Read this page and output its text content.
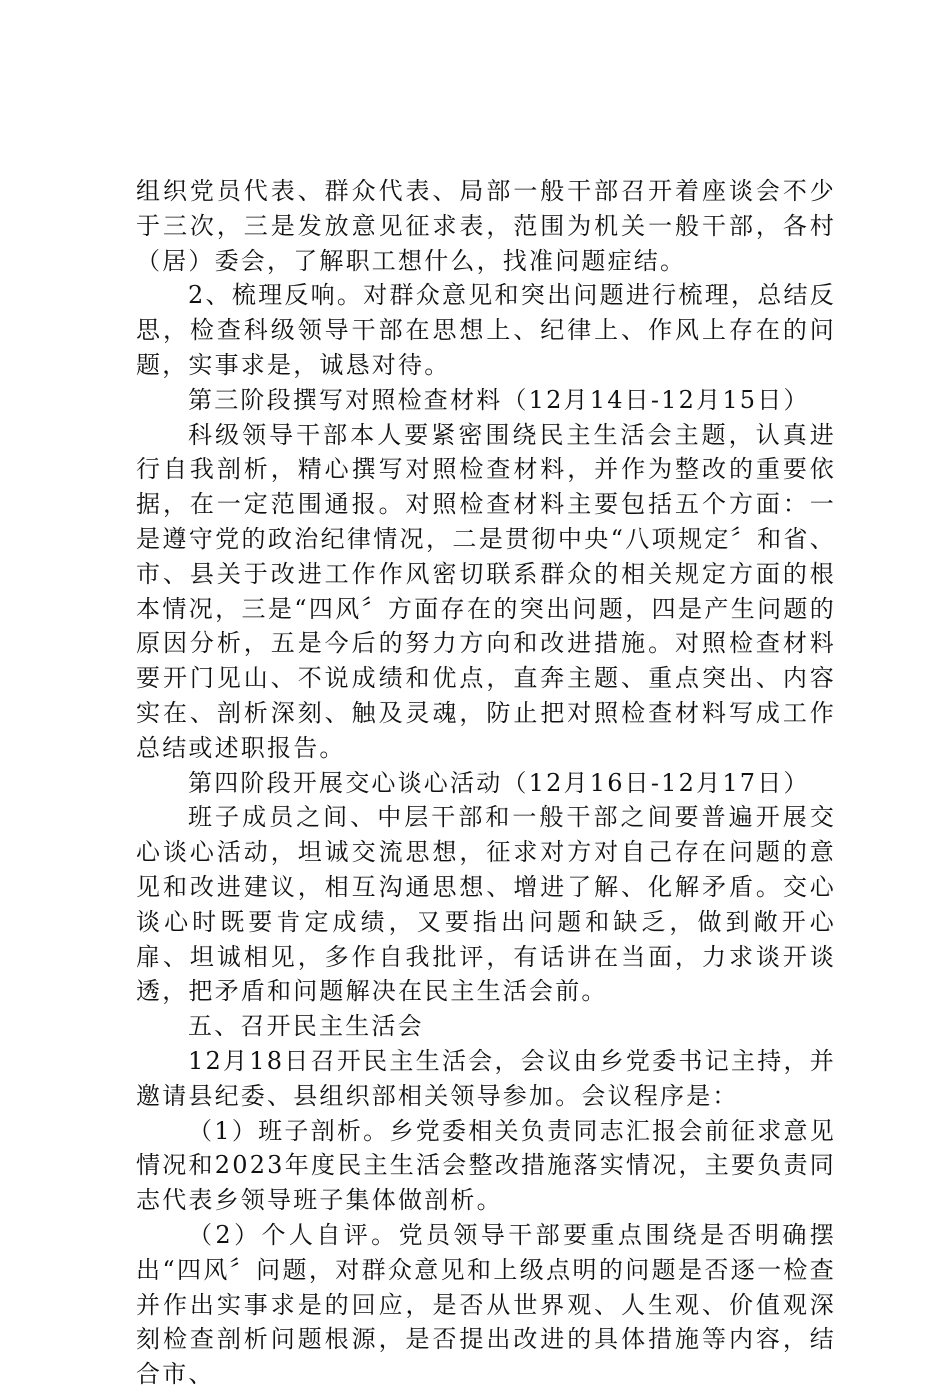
组织党员代表、群众代表、局部一般干部召开着座谈会不少于三次，三是发放意见征求表，范围为机关一般干部，各村（居）委会，了解职工想什么，找准问题症结。

2、梳理反响。对群众意见和突出问题进行梳理，总结反思，检查科级领导干部在思想上、纪律上、作风上存在的问题，实事求是，诚恳对待。

第三阶段撰写对照检查材料（12月14日-12月15日）

科级领导干部本人要紧密围绕民主生活会主题，认真进行自我剖析，精心撰写对照检查材料，并作为整改的重要依据，在一定范围通报。对照检查材料主要包括五个方面：一是遵守党的政治纪律情况，二是贯彻中央“八项规定〞和省、市、县关于改进工作作风密切联系群众的相关规定方面的根本情况，三是“四风〞方面存在的突出问题，四是产生问题的原因分析，五是今后的努力方向和改进措施。对照检查材料要开门见山、不说成绩和优点，直奔主题、重点突出、内容实在、剖析深刻、触及灵魂，防止把对照检查材料写成工作总结或述职报告。

第四阶段开展交心谈心活动（12月16日-12月17日）

班子成员之间、中层干部和一般干部之间要普遍开展交心谈心活动，坦诚交流思想，征求对方对自己存在问题的意见和改进建议，相互沟通思想、增进了解、化解矛盾。交心谈心时既要肯定成绩，又要指出问题和缺乏，做到敞开心扉、坦诚相见，多作自我批评，有话讲在当面，力求谈开谈透，把矛盾和问题解决在民主生活会前。

五、召开民主生活会

12月18日召开民主生活会，会议由乡党委书记主持，并邀请县纪委、县组织部相关领导参加。会议程序是：

（1）班子剖析。乡党委相关负责同志汇报会前征求意见情况和2023年度民主生活会整改措施落实情况，主要负责同志代表乡领导班子集体做剖析。

（2）个人自评。党员领导干部要重点围绕是否明确摆出“四风〞问题，对群众意见和上级点明的问题是否逐一检查并作出实事求是的回应，是否从世界观、人生观、价值观深刻检查剖析问题根源，是否提出改进的具体措施等内容，结合市、
